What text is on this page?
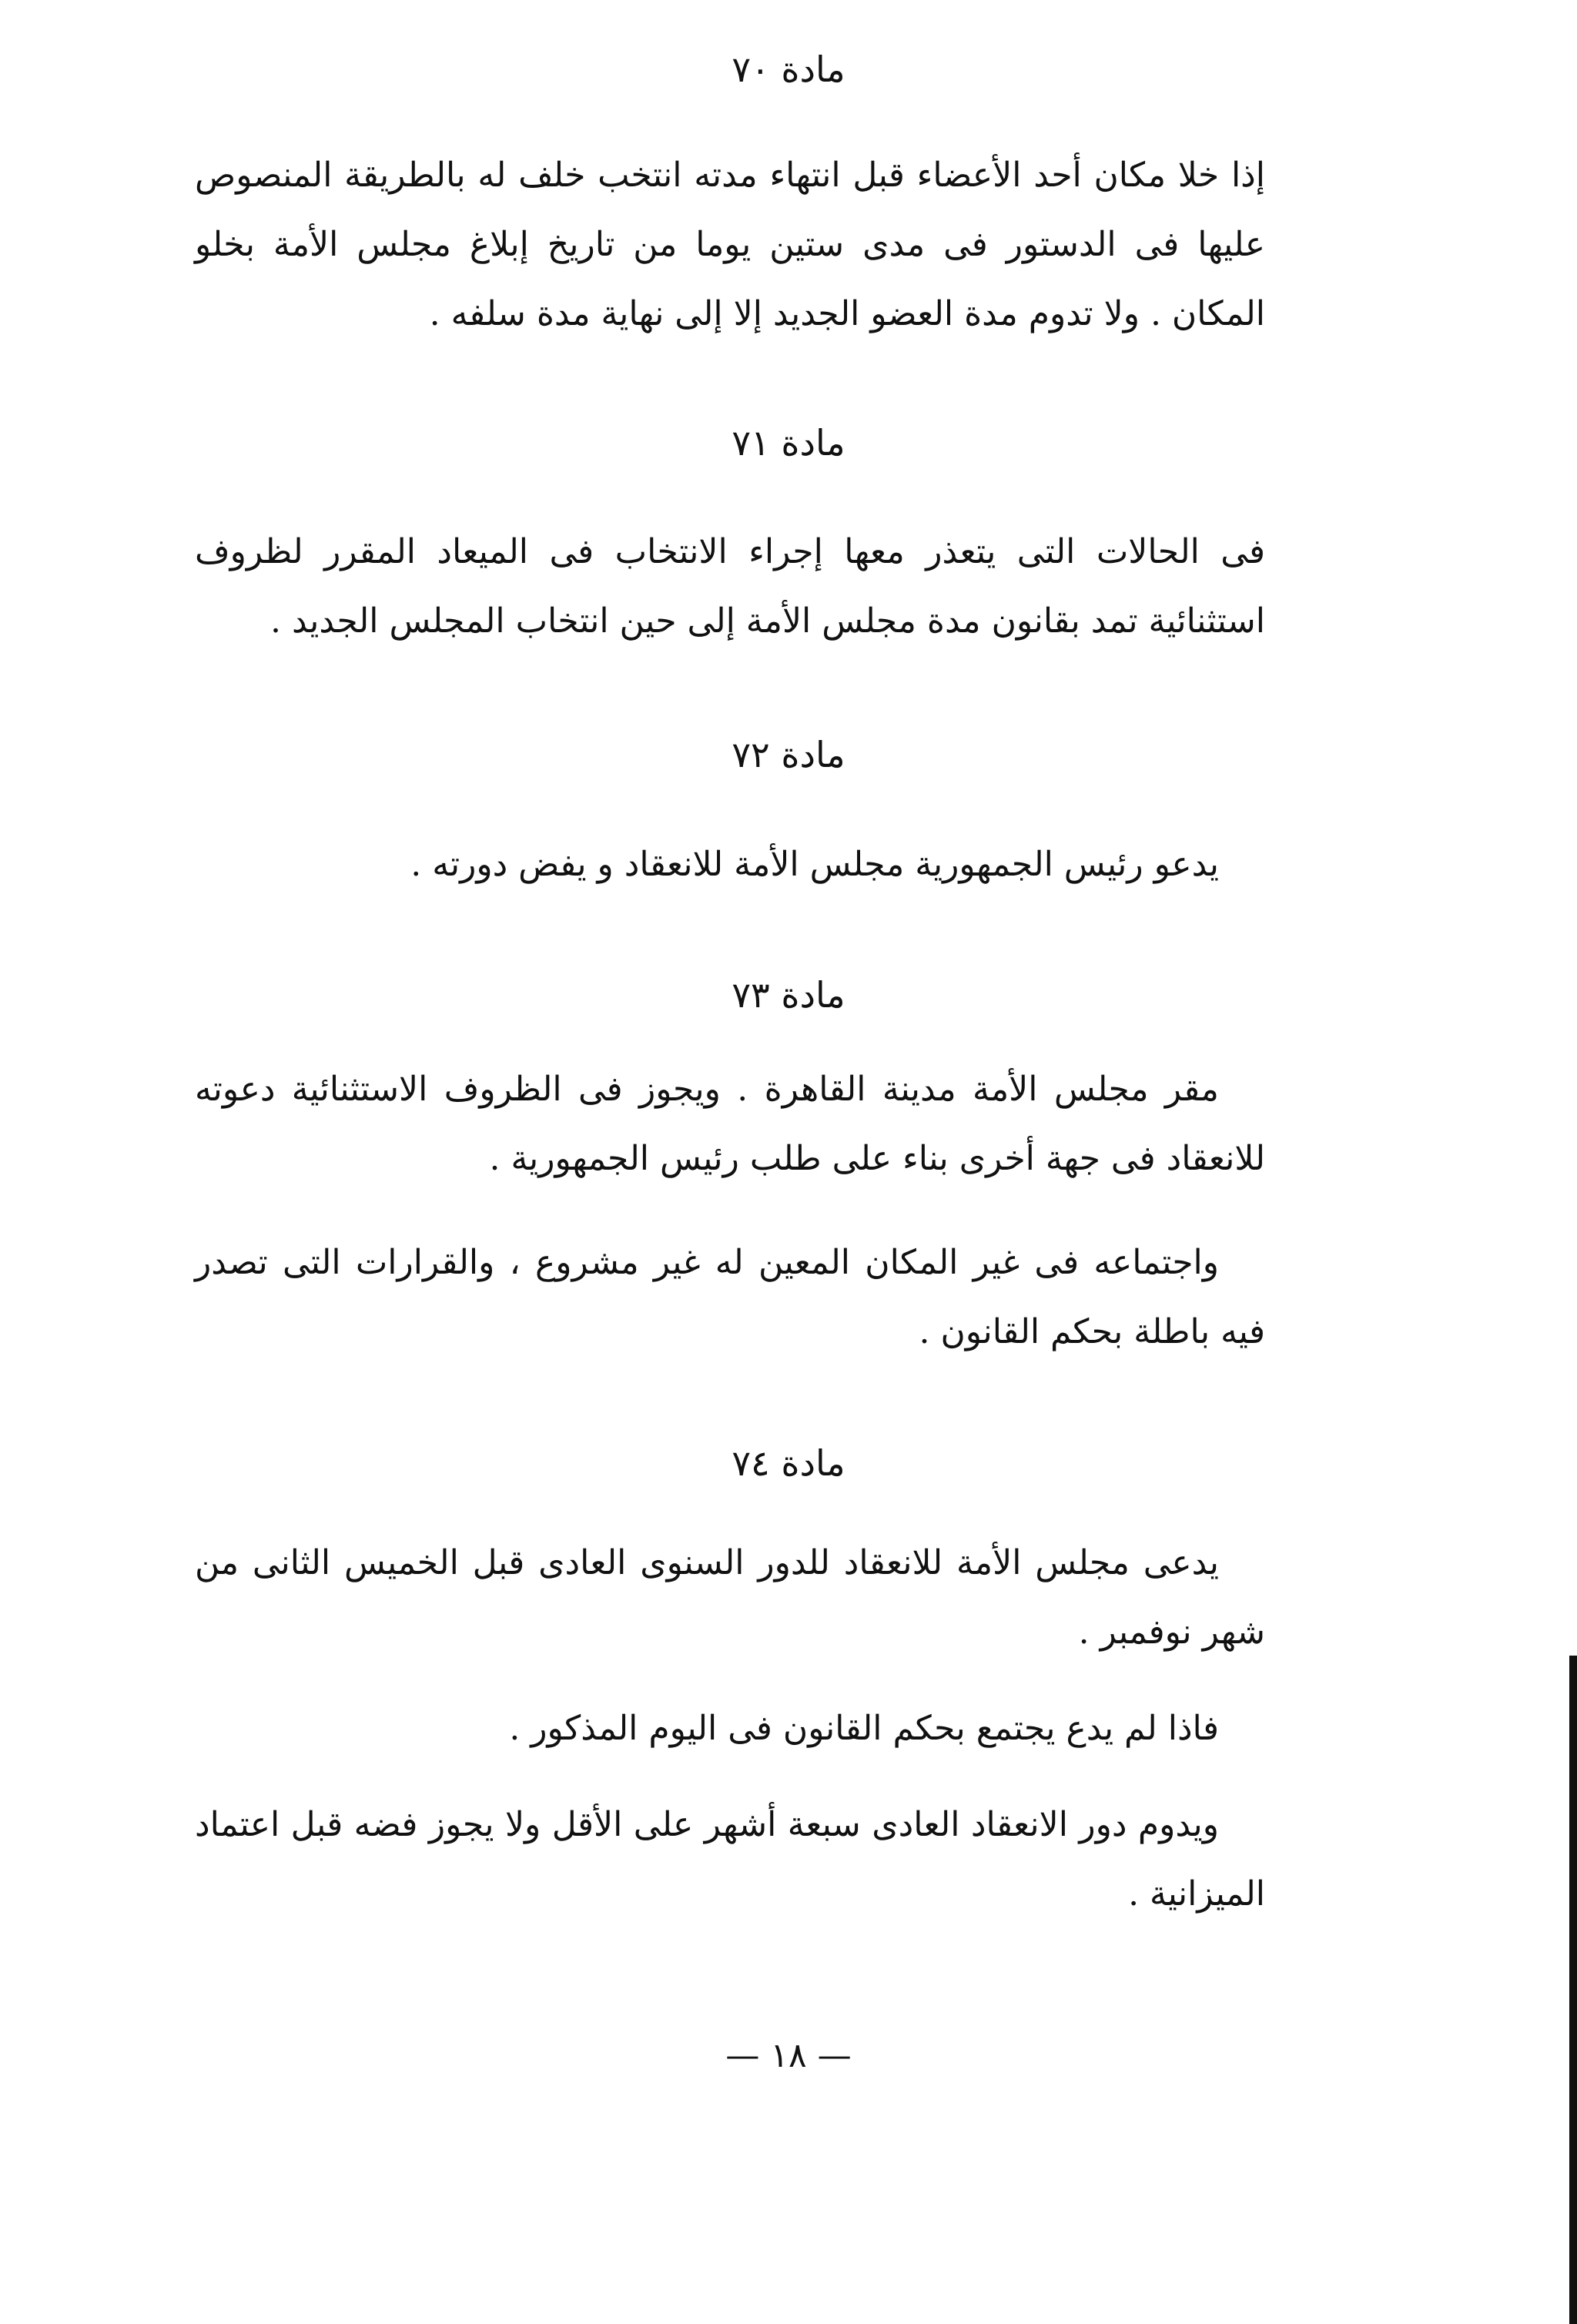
مادة ٧٠
إذا خلا مكان أحد الأعضاء قبل انتهاء مدته انتخب خلف له بالطريقة المنصوص عليها فى الدستور فى مدى ستين يوما من تاريخ إبلاغ مجلس الأمة بخلو المكان . ولا تدوم مدة العضو الجديد إلا إلى نهاية مدة سلفه .
مادة ٧١
فى الحالات التى يتعذر معها إجراء الانتخاب فى الميعاد المقرر لظروف استثنائية تمد بقانون مدة مجلس الأمة إلى حين انتخاب المجلس الجديد .
مادة ٧٢
يدعو رئيس الجمهورية مجلس الأمة للانعقاد و يفض دورته .
مادة ٧٣
مقر مجلس الأمة مدينة القاهرة . ويجوز فى الظروف الاستثنائية دعوته للانعقاد فى جهة أخرى بناء على طلب رئيس الجمهورية .
واجتماعه فى غير المكان المعين له غير مشروع ، والقرارات التى تصدر فيه باطلة بحكم القانون .
مادة ٧٤
يدعى مجلس الأمة للانعقاد للدور السنوى العادى قبل الخميس الثانى من شهر نوفمبر .
فاذا لم يدع يجتمع بحكم القانون فى اليوم المذكور .
ويدوم دور الانعقاد العادى سبعة أشهر على الأقل ولا يجوز فضه قبل اعتماد الميزانية .
— ١٨ —
